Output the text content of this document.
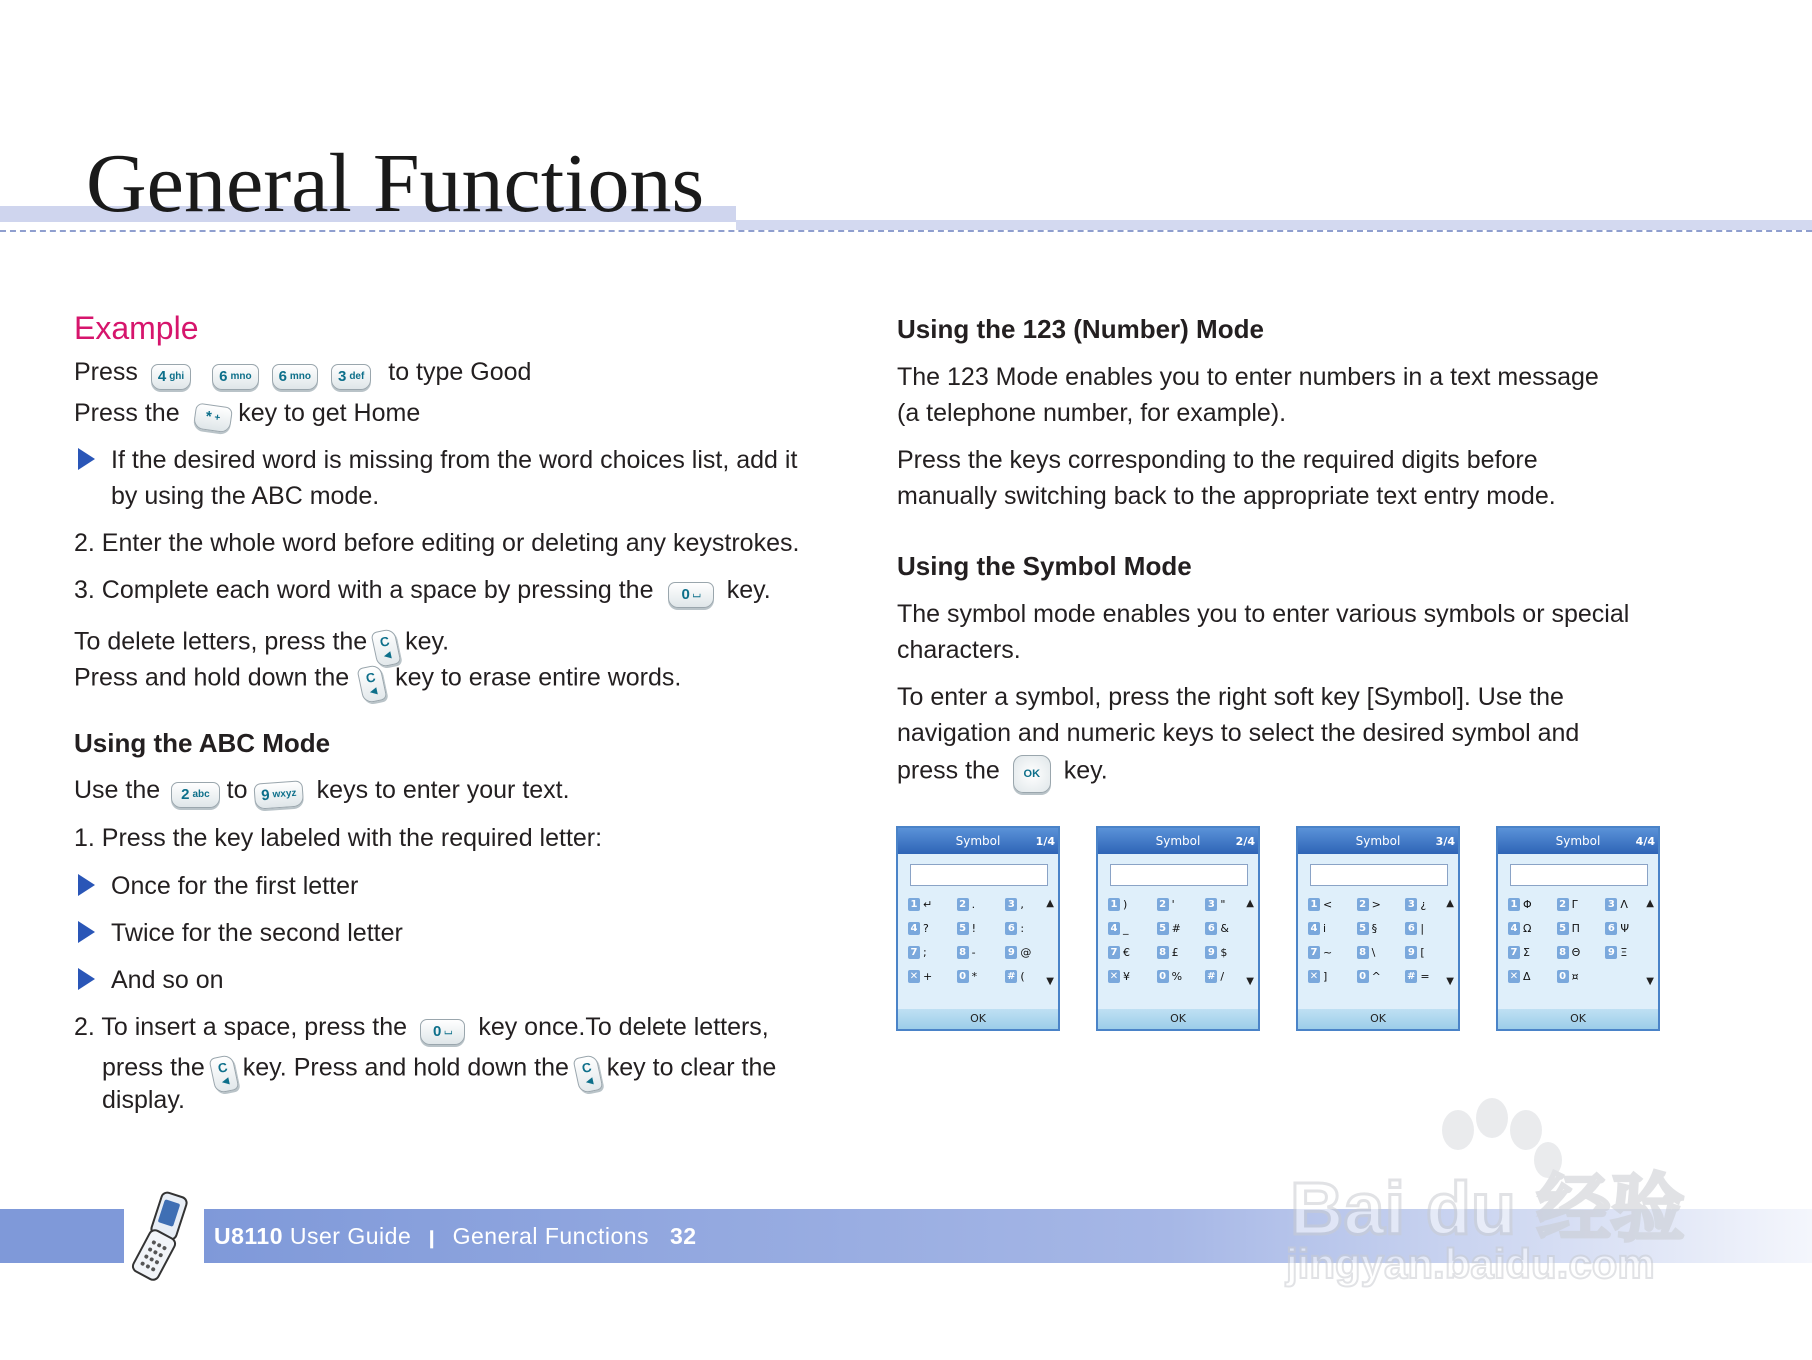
General Functions
Example
Press 4 ghi
6 mno
6 mno
3 def to type Good
Press the * + key to get Home
If the desired word is missing from the word choices list, add it
by using the ABC mode.
2. Enter the whole word before editing or deleting any keystrokes.
3. Complete each word with a space by pressing the 0 ⌴ key.
To delete letters, press the C
◂ key.
Press and hold down the C
◂ key to erase entire words.
Using the ABC Mode
Use the 2 abc to 9 wxyz keys to enter your text.
1. Press the key labeled with the required letter:
Once for the first letter
Twice for the second letter
And so on
2. To insert a space, press the 0 ⌴ key once.To delete letters,
press the C
◂ key. Press and hold down the C
◂ key to clear the
display.
Using the 123 (Number) Mode
The 123 Mode enables you to enter numbers in a text message
(a telephone number, for example).
Press the keys corresponding to the required digits before
manually switching back to the appropriate text entry mode.
Using the Symbol Mode
The symbol mode enables you to enter various symbols or special
characters.
To enter a symbol, press the right soft key [Symbol]. Use the
navigation and numeric keys to select the desired symbol and
press the OK key.
Symbol	1/4
1 ↵	2 .	3 ,
4 ?	5 !	6 :
7 ;	8 -	9 @
✕ +	0 *	# (
▲
▼
OK
Symbol	2/4
1 )	2 '	3 "
4 _	5 #	6 &
7 €	8 £	9 $
✕ ¥	0 %	# /
▲
▼
OK
Symbol	3/4
1 <	2 >	3 ¿
4 i	5 §	6 |
7 ~	8 \	9 [
✕ ]	0 ^	# =
▲
▼
OK
Symbol	4/4
1 Φ	2 Γ	3 Λ
4 Ω	5 Π	6 Ψ
7 Σ	8 Θ	9 Ξ
✕ Δ	0 ¤
▲
▼
OK
U8110 User Guide ❙ General Functions 32	Bai du 经验
jingyan.baidu.com
